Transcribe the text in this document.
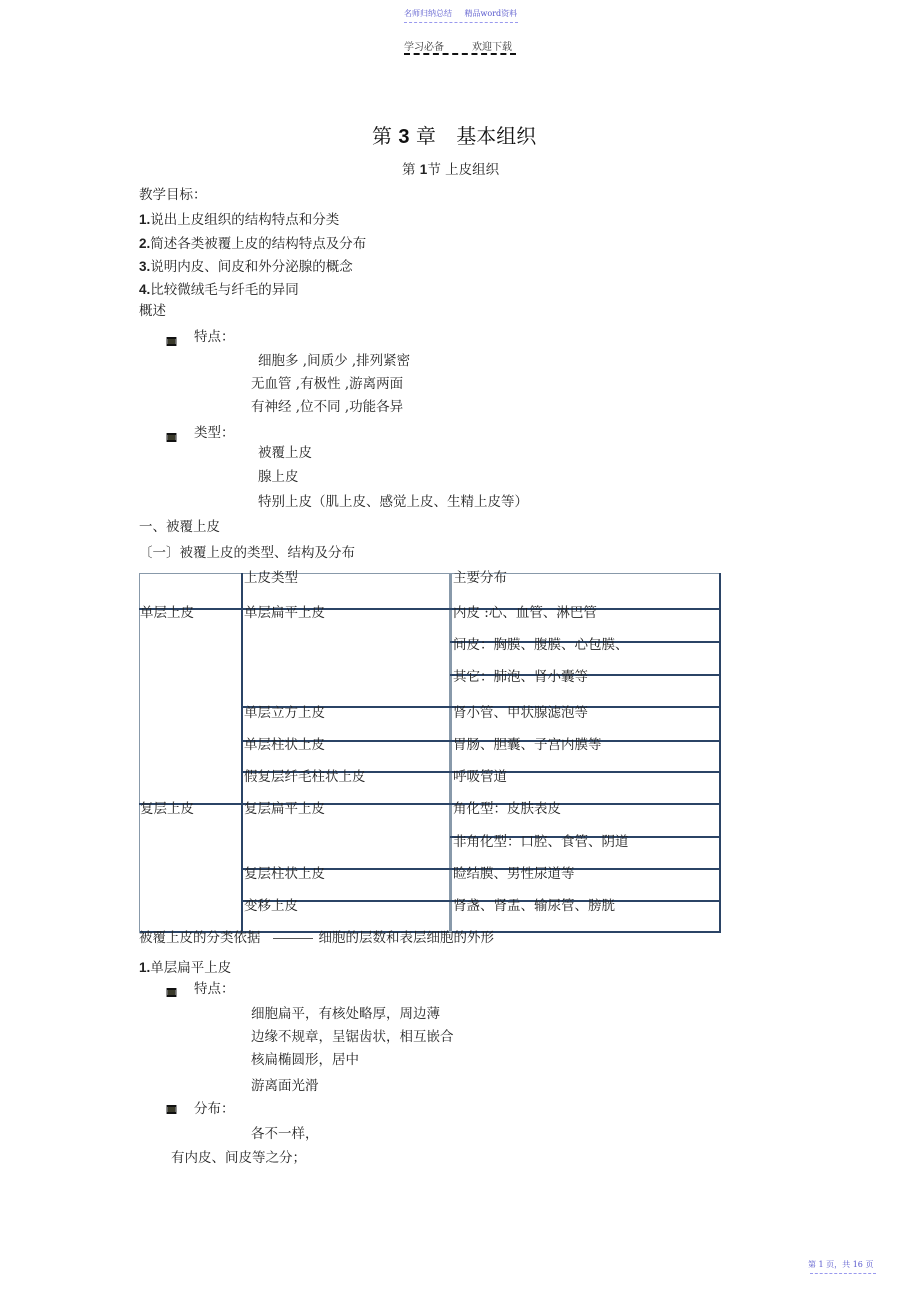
名师归纳总结 精品word资料
学习必备	欢迎下载
第 3 章 基本组织
第 1节 上皮组织
教学目标：
1.说出上皮组织的结构特点和分类
2.简述各类被覆上皮的结构特点及分布
3.说明内皮、间皮和外分泌腺的概念
4.比较微绒毛与纤毛的异同
概述
特点：
细胞多 ,间质少 ,排列紧密
无血管 ,有极性 ,游离两面
有神经 ,位不同 ,功能各异
类型：
被覆上皮
腺上皮
特别上皮（肌上皮、感觉上皮、生精上皮等）
一、被覆上皮
〔一〕被覆上皮的类型、结构及分布
上皮类型	主要分布
单层上皮	单层扁平上皮	内皮 :心、血管、淋巴管
间皮：胸膜、腹膜、心包膜、
其它：肺泡、肾小囊等
单层立方上皮	肾小管、甲状腺滤泡等
单层柱状上皮	胃肠、胆囊、子宫内膜等
假复层纤毛柱状上皮	呼吸管道
复层上皮	复层扁平上皮	角化型：皮肤表皮
非角化型：口腔、食管、阴道
复层柱状上皮	睑结膜、男性尿道等
变移上皮	肾盏、肾盂、输尿管、膀胱
被覆上皮的分类依据	细胞的层数和表层细胞的外形
1.单层扁平上皮
特点：
细胞扁平，有核处略厚，周边薄
边缘不规章，呈锯齿状，相互嵌合
核扁椭圆形，居中
游离面光滑
分布：
各不一样，
有内皮、间皮等之分；
第 1 页，共 16 页
